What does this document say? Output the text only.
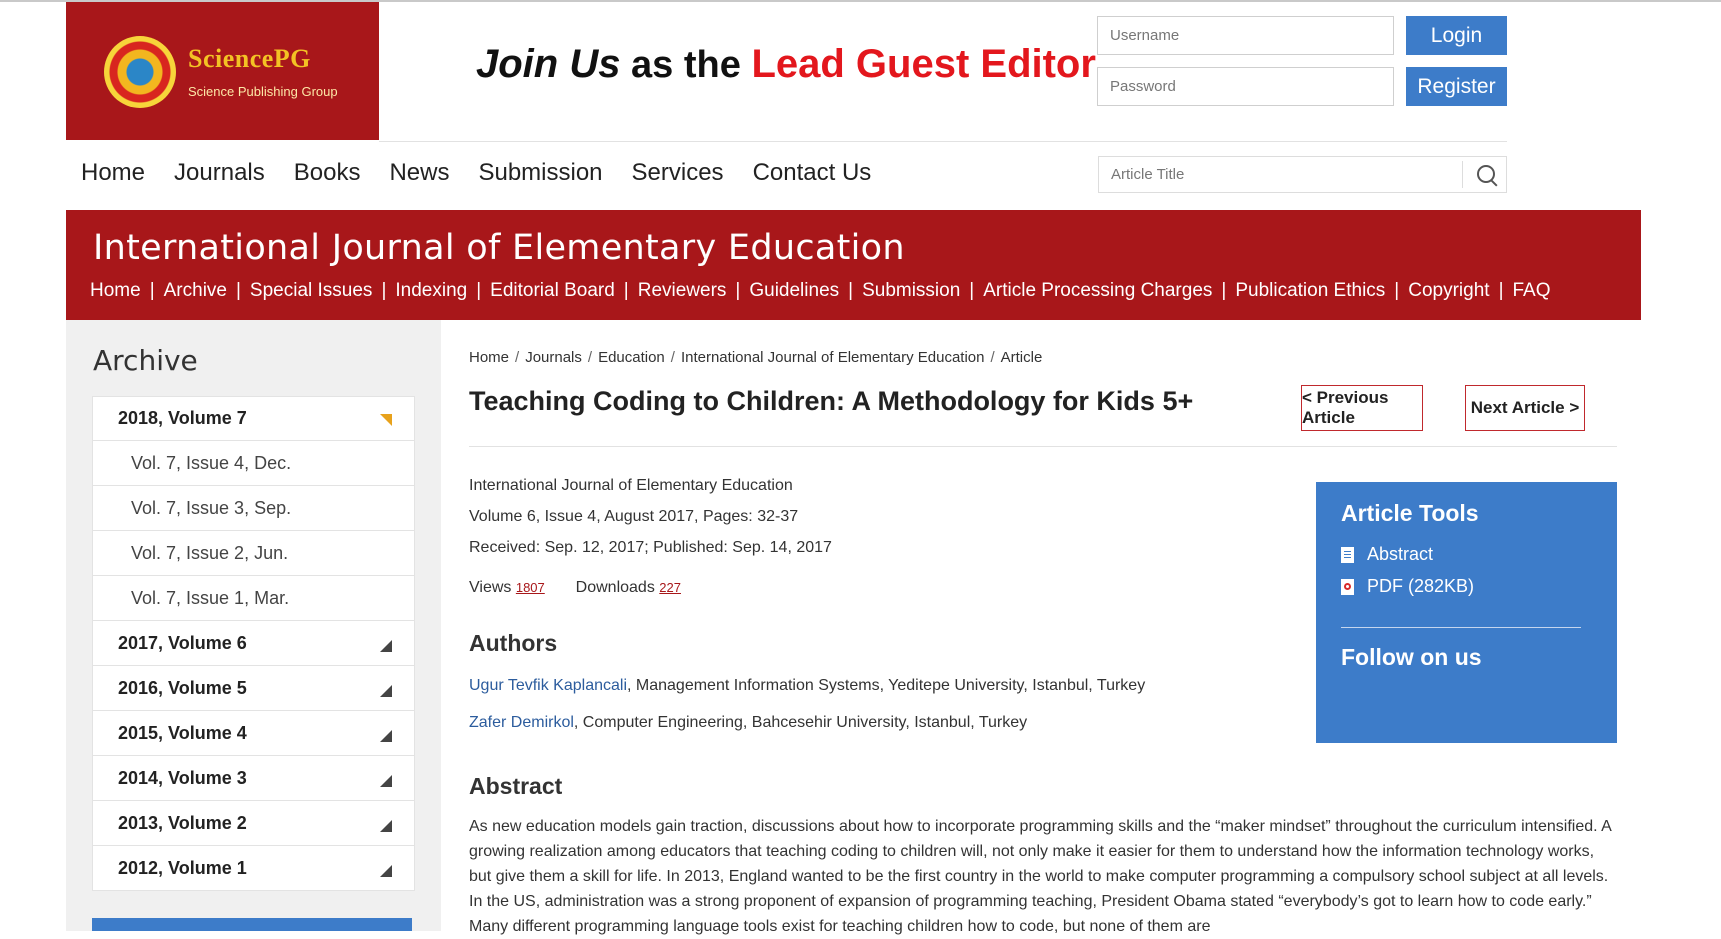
SciencePG
Science Publishing Group
Join Us as the Lead Guest Editor
Username
Password
Login
Register
Home Journals Books News Submission Services Contact Us	Article Title
International Journal of Elementary Education
Home | Archive | Special Issues | Indexing | Editorial Board | Reviewers | Guidelines | Submission | Article Processing Charges | Publication Ethics | Copyright | FAQ
Archive
2018, Volume 7
Vol. 7, Issue 4, Dec.
Vol. 7, Issue 3, Sep.
Vol. 7, Issue 2, Jun.
Vol. 7, Issue 1, Mar.
2017, Volume 6
2016, Volume 5
2015, Volume 4
2014, Volume 3
2013, Volume 2
2012, Volume 1
Home / Journals / Education / International Journal of Elementary Education / Article
Teaching Coding to Children: A Methodology for Kids 5+	< Previous Article
Next Article >
International Journal of Elementary Education
Volume 6, Issue 4, August 2017, Pages: 32-37
Received: Sep. 12, 2017; Published: Sep. 14, 2017
Views 1807 Downloads 227
Authors
Ugur Tevfik Kaplancali, Management Information Systems, Yeditepe University, Istanbul, Turkey
Zafer Demirkol, Computer Engineering, Bahcesehir University, Istanbul, Turkey
Abstract
As new education models gain traction, discussions about how to incorporate programming skills and the “maker mindset” throughout the curriculum intensified. A growing realization among educators that teaching coding to children will, not only make it easier for them to understand how the information technology works, but give them a skill for life. In 2013, England wanted to be the first country in the world to make computer programming a compulsory school subject at all levels. In the US, administration was a strong proponent of expansion of programming teaching, President Obama stated “everybody’s got to learn how to code early.” Many different programming language tools exist for teaching children how to code, but none of them are
Article Tools
Abstract
PDF (282KB)
Follow on us
